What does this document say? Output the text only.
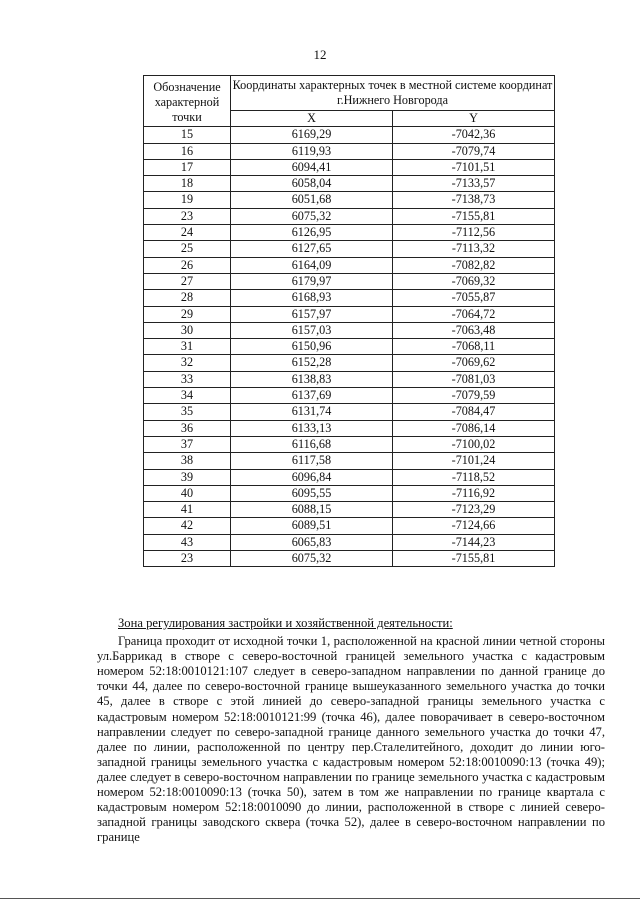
12
Обозначение характерной точки	Координаты характерных точек в местной системе координат г.Нижнего Новгорода	
	X	Y
15	6169,29	-7042,36
16	6119,93	-7079,74
17	6094,41	-7101,51
18	6058,04	-7133,57
19	6051,68	-7138,73
23	6075,32	-7155,81
24	6126,95	-7112,56
25	6127,65	-7113,32
26	6164,09	-7082,82
27	6179,97	-7069,32
28	6168,93	-7055,87
29	6157,97	-7064,72
30	6157,03	-7063,48
31	6150,96	-7068,11
32	6152,28	-7069,62
33	6138,83	-7081,03
34	6137,69	-7079,59
35	6131,74	-7084,47
36	6133,13	-7086,14
37	6116,68	-7100,02
38	6117,58	-7101,24
39	6096,84	-7118,52
40	6095,55	-7116,92
41	6088,15	-7123,29
42	6089,51	-7124,66
43	6065,83	-7144,23
23	6075,32	-7155,81
Зона регулирования застройки и хозяйственной деятельности:

Граница проходит от исходной точки 1, расположенной на красной линии четной стороны ул.Баррикад в створе с северо-восточной границей земельного участка с кадастровым номером 52:18:0010121:107 следует в северо-западном направлении по данной границе до точки 44, далее по северо-восточной границе вышеуказанного земельного участка до точки 45, далее в створе с этой линией до северо-западной границы земельного участка с кадастровым номером 52:18:0010121:99 (точка 46), далее поворачивает в северо-восточном направлении следует по северо-западной границе данного земельного участка до точки 47, далее по линии, расположенной по центру пер.Сталелитейного, доходит до линии юго-западной границы земельного участка с кадастровым номером 52:18:0010090:13 (точка 49); далее следует в северо-восточном направлении по границе земельного участка с кадастровым номером 52:18:0010090:13 (точка 50), затем в том же направлении по границе квартала с кадастровым номером 52:18:0010090 до линии, расположенной в створе с линией северо-западной границы заводского сквера (точка 52), далее в северо-восточном направлении по границе
